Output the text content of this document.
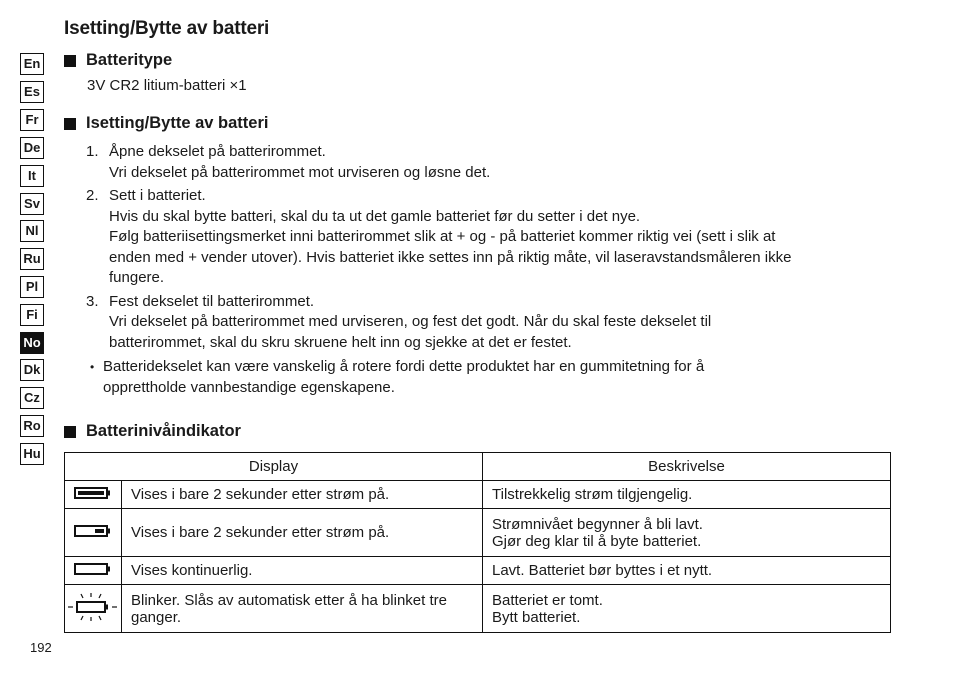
En
Es
Fr
De
It
Sv
Nl
Ru
Pl
Fi
No
Dk
Cz
Ro
Hu
Isetting/Bytte av batteri
Batteritype
3V CR2 litium-batteri ×1
Isetting/Bytte av batteri
1. Åpne dekselet på batterirommet.
Vri dekselet på batterirommet mot urviseren og løsne det.
2. Sett i batteriet.
Hvis du skal bytte batteri, skal du ta ut det gamle batteriet før du setter i det nye.
Følg batteriisettingsmerket inni batterirommet slik at + og - på batteriet kommer riktig vei (sett i slik at
enden med + vender utover). Hvis batteriet ikke settes inn på riktig måte, vil laseravstandsmåleren ikke
fungere.
3. Fest dekselet til batterirommet.
Vri dekselet på batterirommet med urviseren, og fest det godt. Når du skal feste dekselet til
batterirommet, skal du skru skruene helt inn og sjekke at det er festet.
• Batteridekselet kan være vanskelig å rotere fordi dette produktet har en gummitetning for å
opprettholde vannbestandige egenskapene.
Batterinivåindikator
Display		Beskrivelse
	Vises i bare 2 sekunder etter strøm på.	Tilstrekkelig strøm tilgjengelig.

	Vises i bare 2 sekunder etter strøm på.	Strømnivået begynner å bli lavt.
Gjør deg klar til å byte batteriet.

	Vises kontinuerlig.	Lavt. Batteriet bør byttes i et nytt.

	Blinker. Slås av automatisk etter å ha blinket tre ganger.	Batteriet er tomt.
Bytt batteriet.
192
